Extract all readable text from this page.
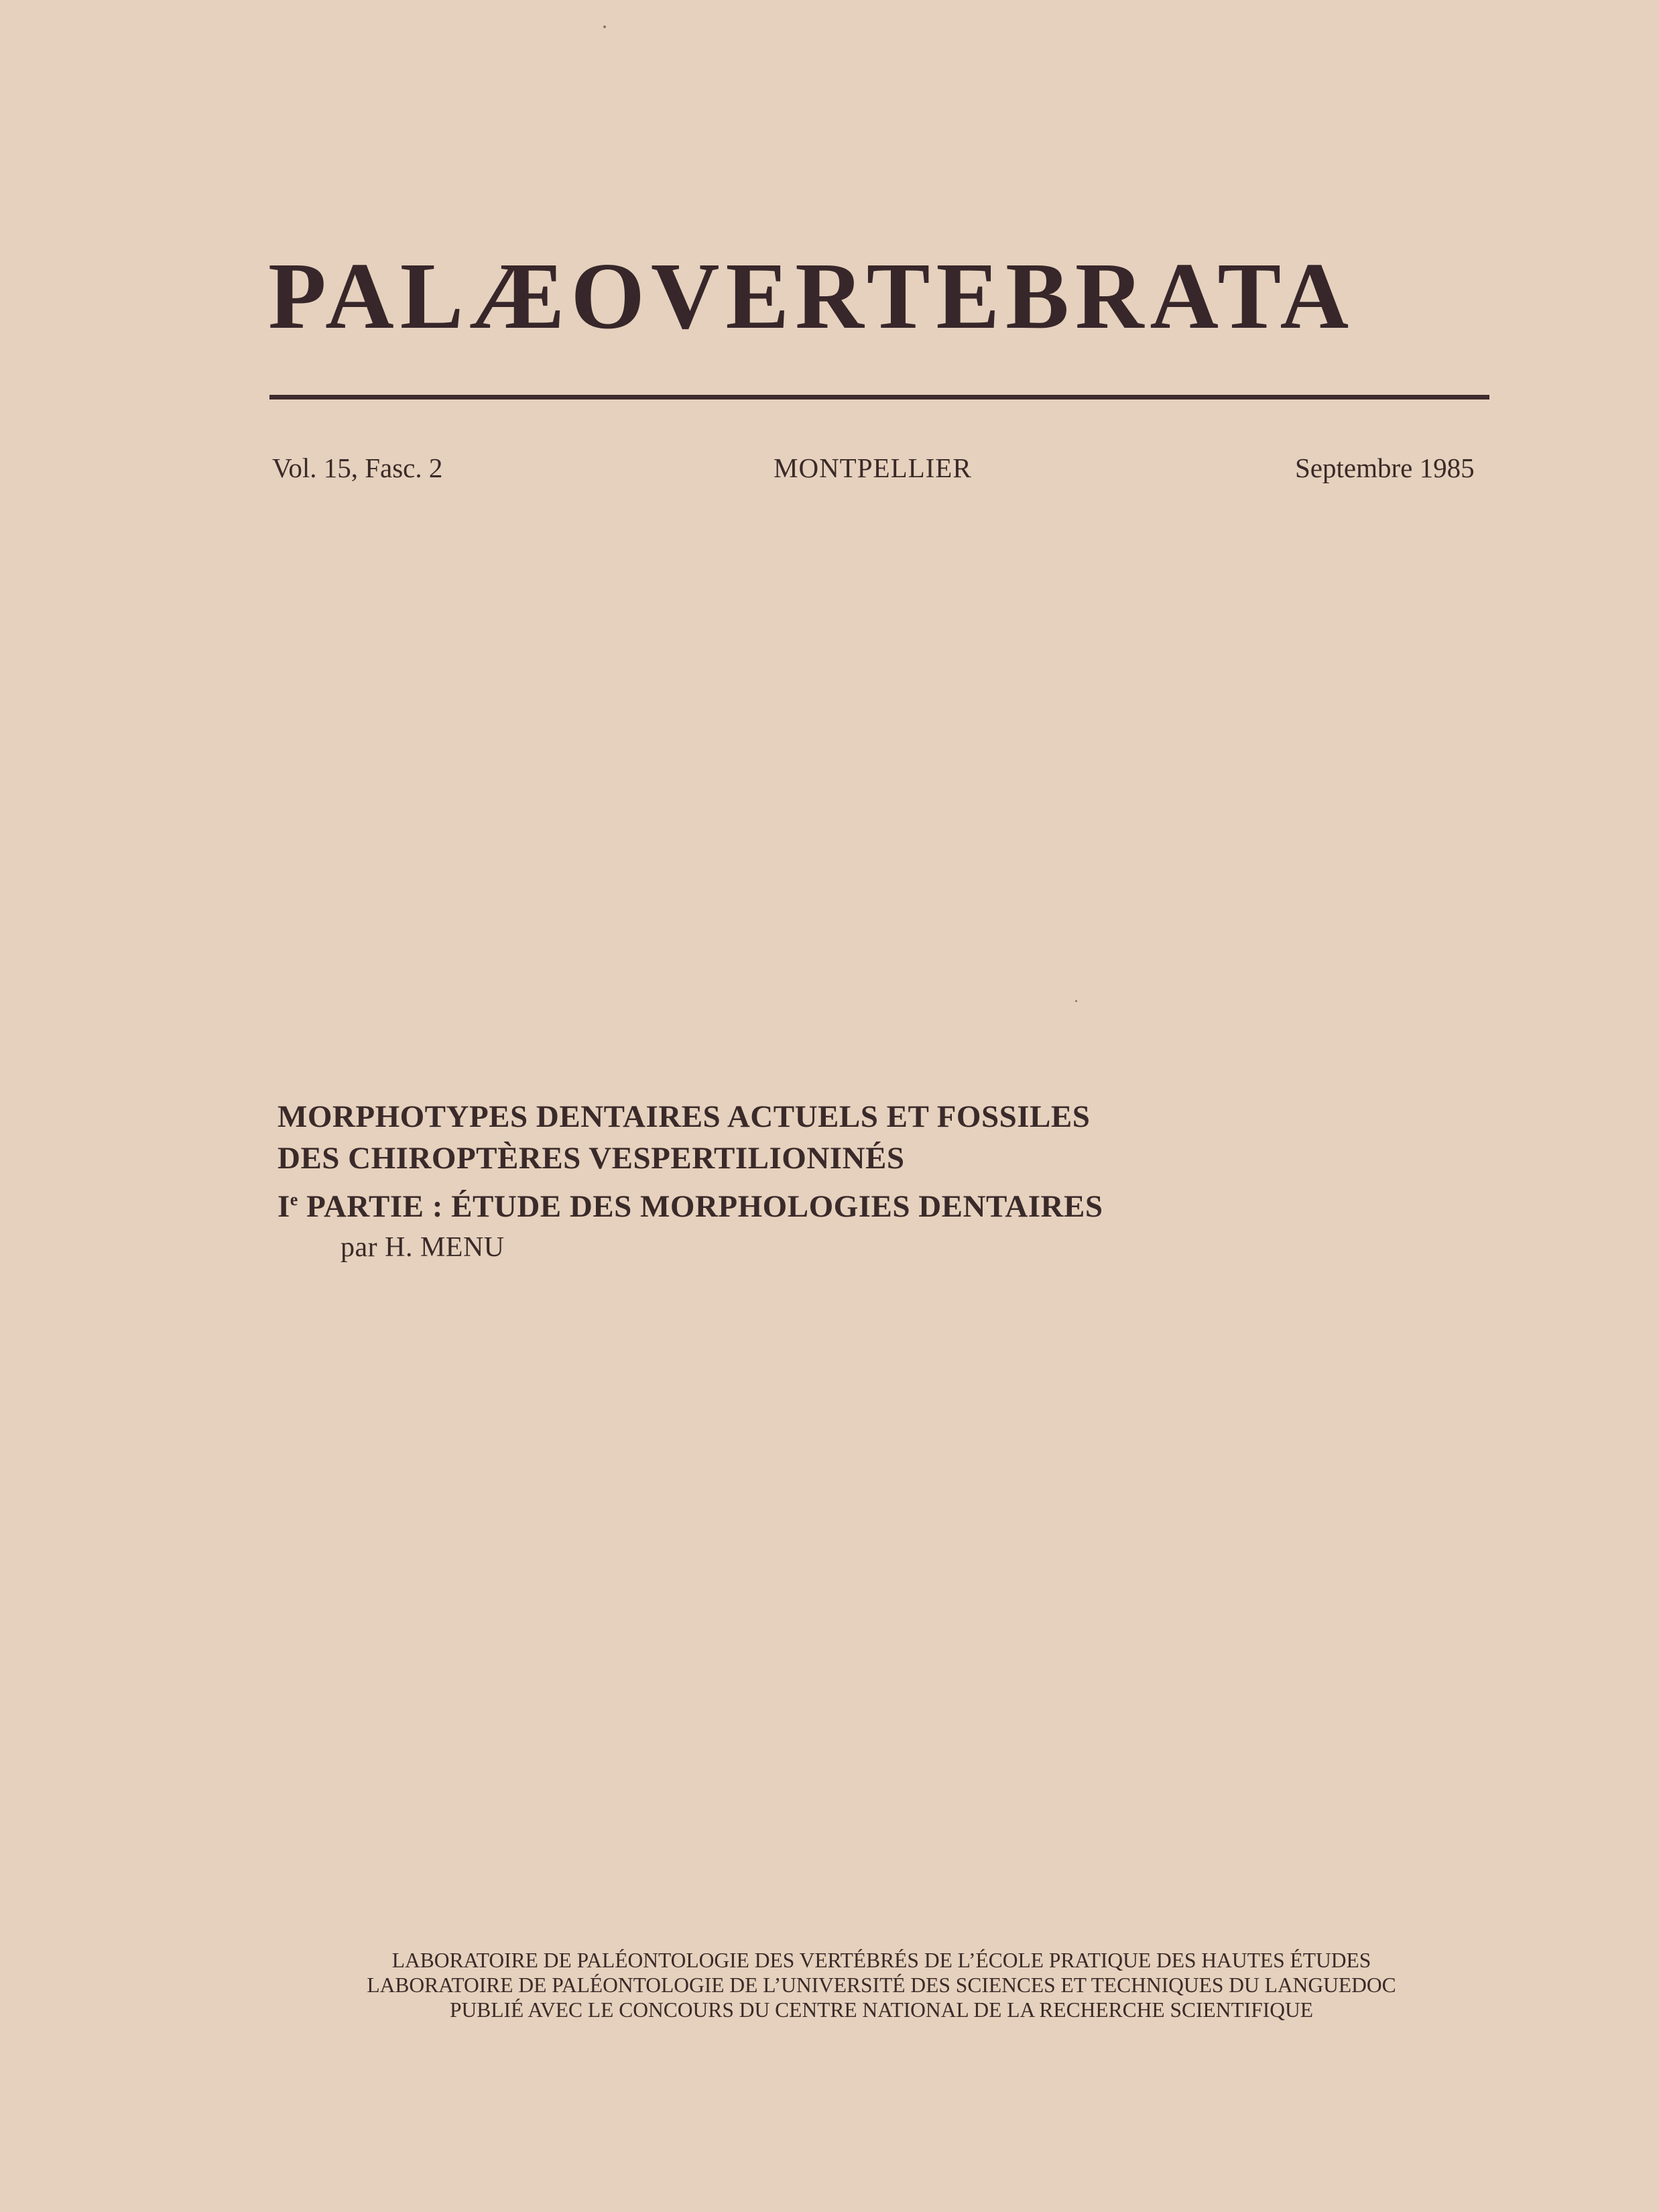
PALÆOVERTEBRATA
Vol. 15, Fasc. 2	MONTPELLIER	Septembre 1985
MORPHOTYPES DENTAIRES ACTUELS ET FOSSILES
DES CHIROPTÈRES VESPERTILIONINÉS
Ie PARTIE : ÉTUDE DES MORPHOLOGIES DENTAIRES
par H. MENU
LABORATOIRE DE PALÉONTOLOGIE DES VERTÉBRÉS DE L’ÉCOLE PRATIQUE DES HAUTES ÉTUDES
LABORATOIRE DE PALÉONTOLOGIE DE L’UNIVERSITÉ DES SCIENCES ET TECHNIQUES DU LANGUEDOC
PUBLIÉ AVEC LE CONCOURS DU CENTRE NATIONAL DE LA RECHERCHE SCIENTIFIQUE
